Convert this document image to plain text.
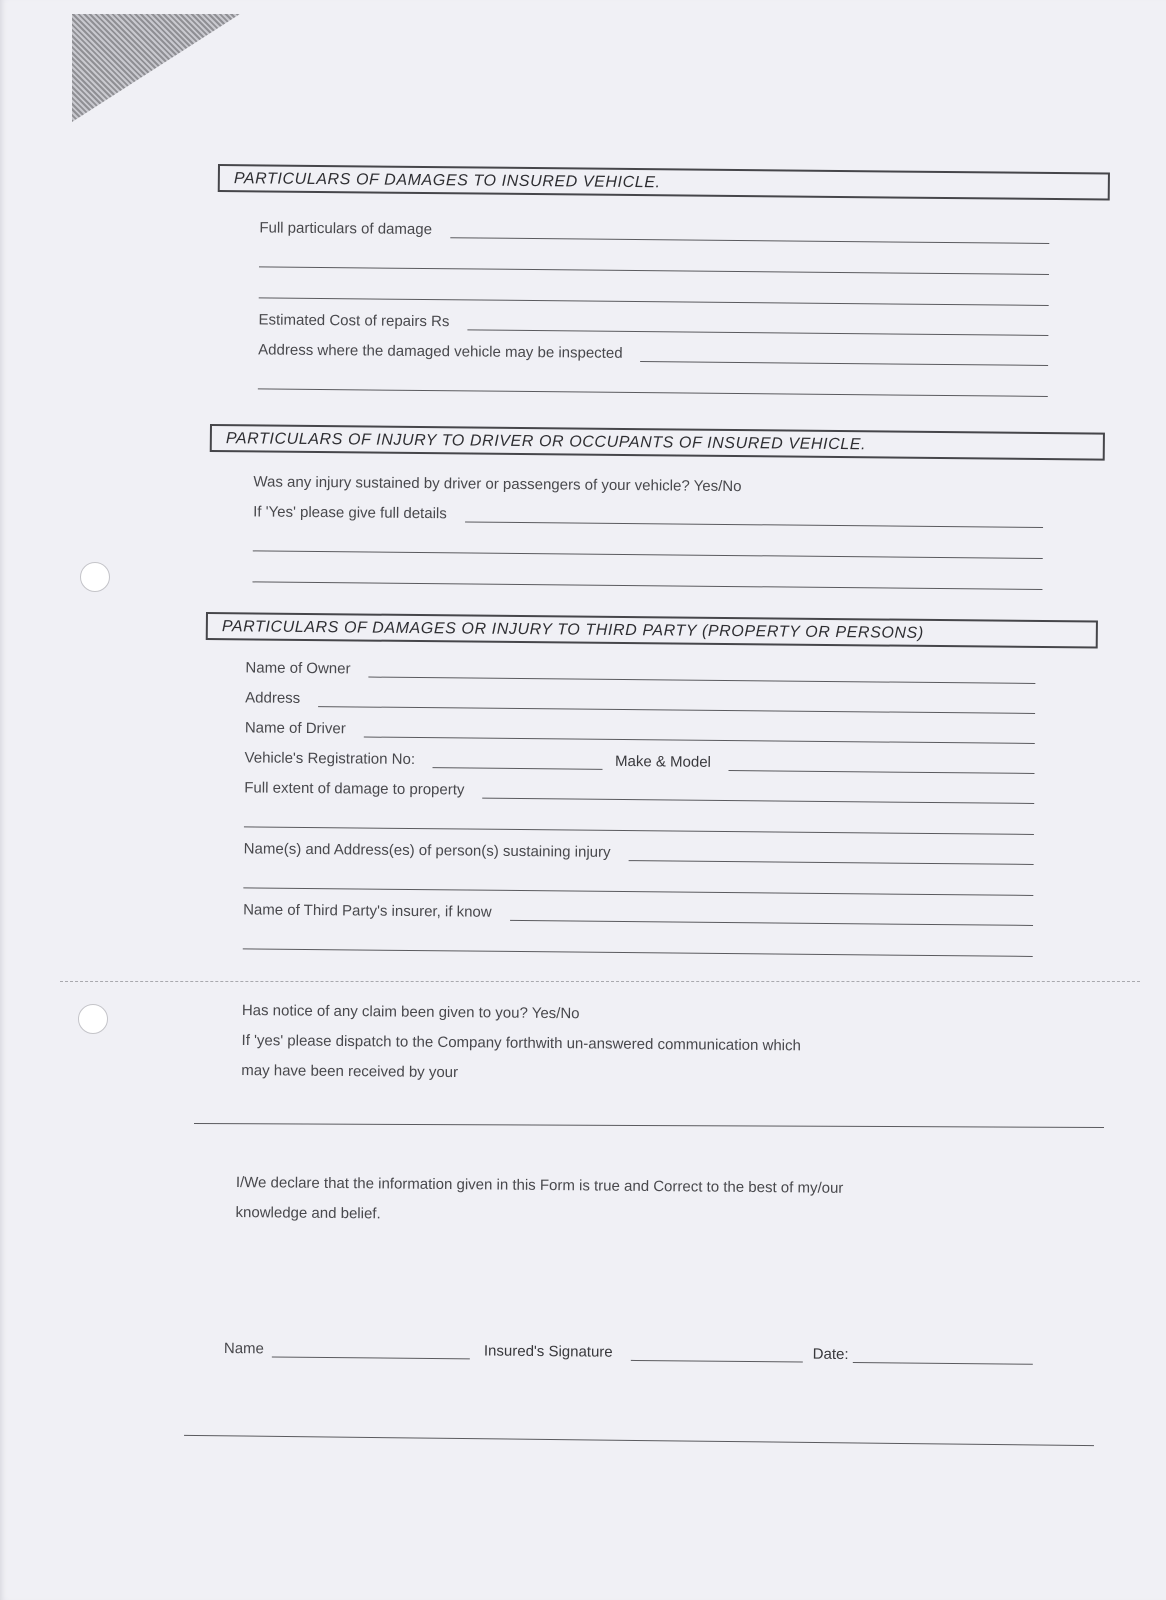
PARTICULARS OF DAMAGES TO INSURED VEHICLE.
Full particulars of damage
Estimated Cost of repairs Rs
Address where the damaged vehicle may be inspected
PARTICULARS OF INJURY TO DRIVER OR OCCUPANTS OF INSURED VEHICLE.
Was any injury sustained by driver or passengers of your vehicle? Yes/No
If 'Yes' please give full details
PARTICULARS OF DAMAGES OR INJURY TO THIRD PARTY (PROPERTY OR PERSONS)
Name of Owner
Address
Name of Driver
Vehicle's Registration No:	Make & Model
Full extent of damage to property
Name(s) and Address(es) of person(s) sustaining injury
Name of Third Party's insurer, if know
Has notice of any claim been given to you? Yes/No
If 'yes' please dispatch to the Company forthwith un-answered communication which
may have been received by your
I/We declare that the information given in this Form is true and Correct to the best of my/our
knowledge and belief.
Name	Insured's Signature	Date:
